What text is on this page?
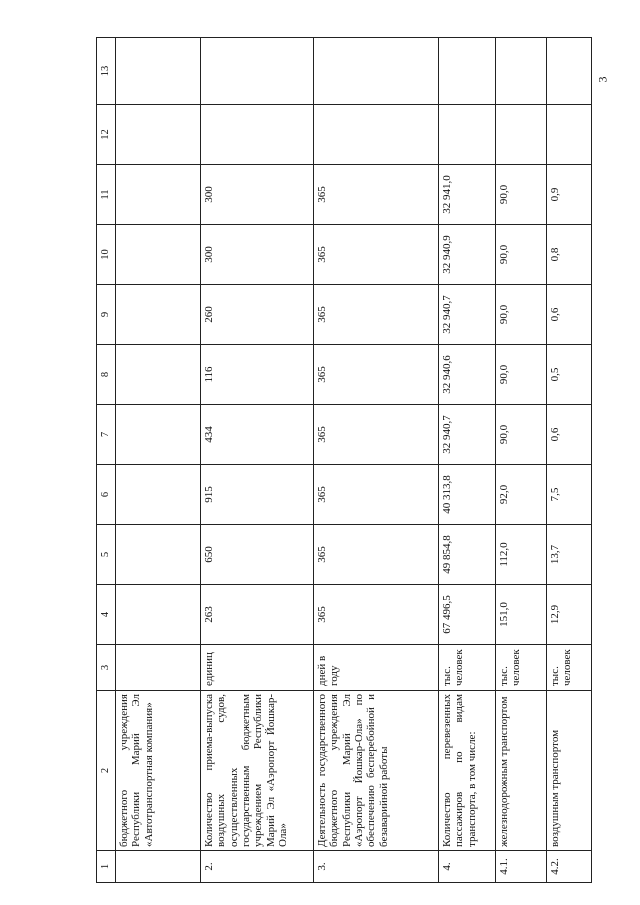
3
1	2	3	4	5	6	7	8	9	10	11	12	13
	бюджетного учреждения Республики Марий Эл «Автотранспортная компания»											
2.	Количество приема-выпуска воздушных судов, осуществленных государственным бюджетным учреждением Республики Марий Эл «Аэропорт Йошкар-Ола»	единиц	263	650	915	434	116	260	300	300		
3.	Деятельность государственного бюджетного учреждения Республики Марий Эл «Аэропорт Йошкар-Ола» по обеспечению бесперебойной и безаварийной работы	дней в году	365	365	365	365	365	365	365	365		
4.	Количество перевезенных пассажиров по видам транспорта, в том числе:	тыс. человек	67 496,5	49 854,8	40 313,8	32 940,7	32 940,6	32 940,7	32 940,9	32 941,0		
4.1.	железнодорожным транспортом	тыс. человек	151,0	112,0	92,0	90,0	90,0	90,0	90,0	90,0		
4.2.	воздушным транспортом	тыс. человек	12,9	13,7	7,5	0,6	0,5	0,6	0,8	0,9		
